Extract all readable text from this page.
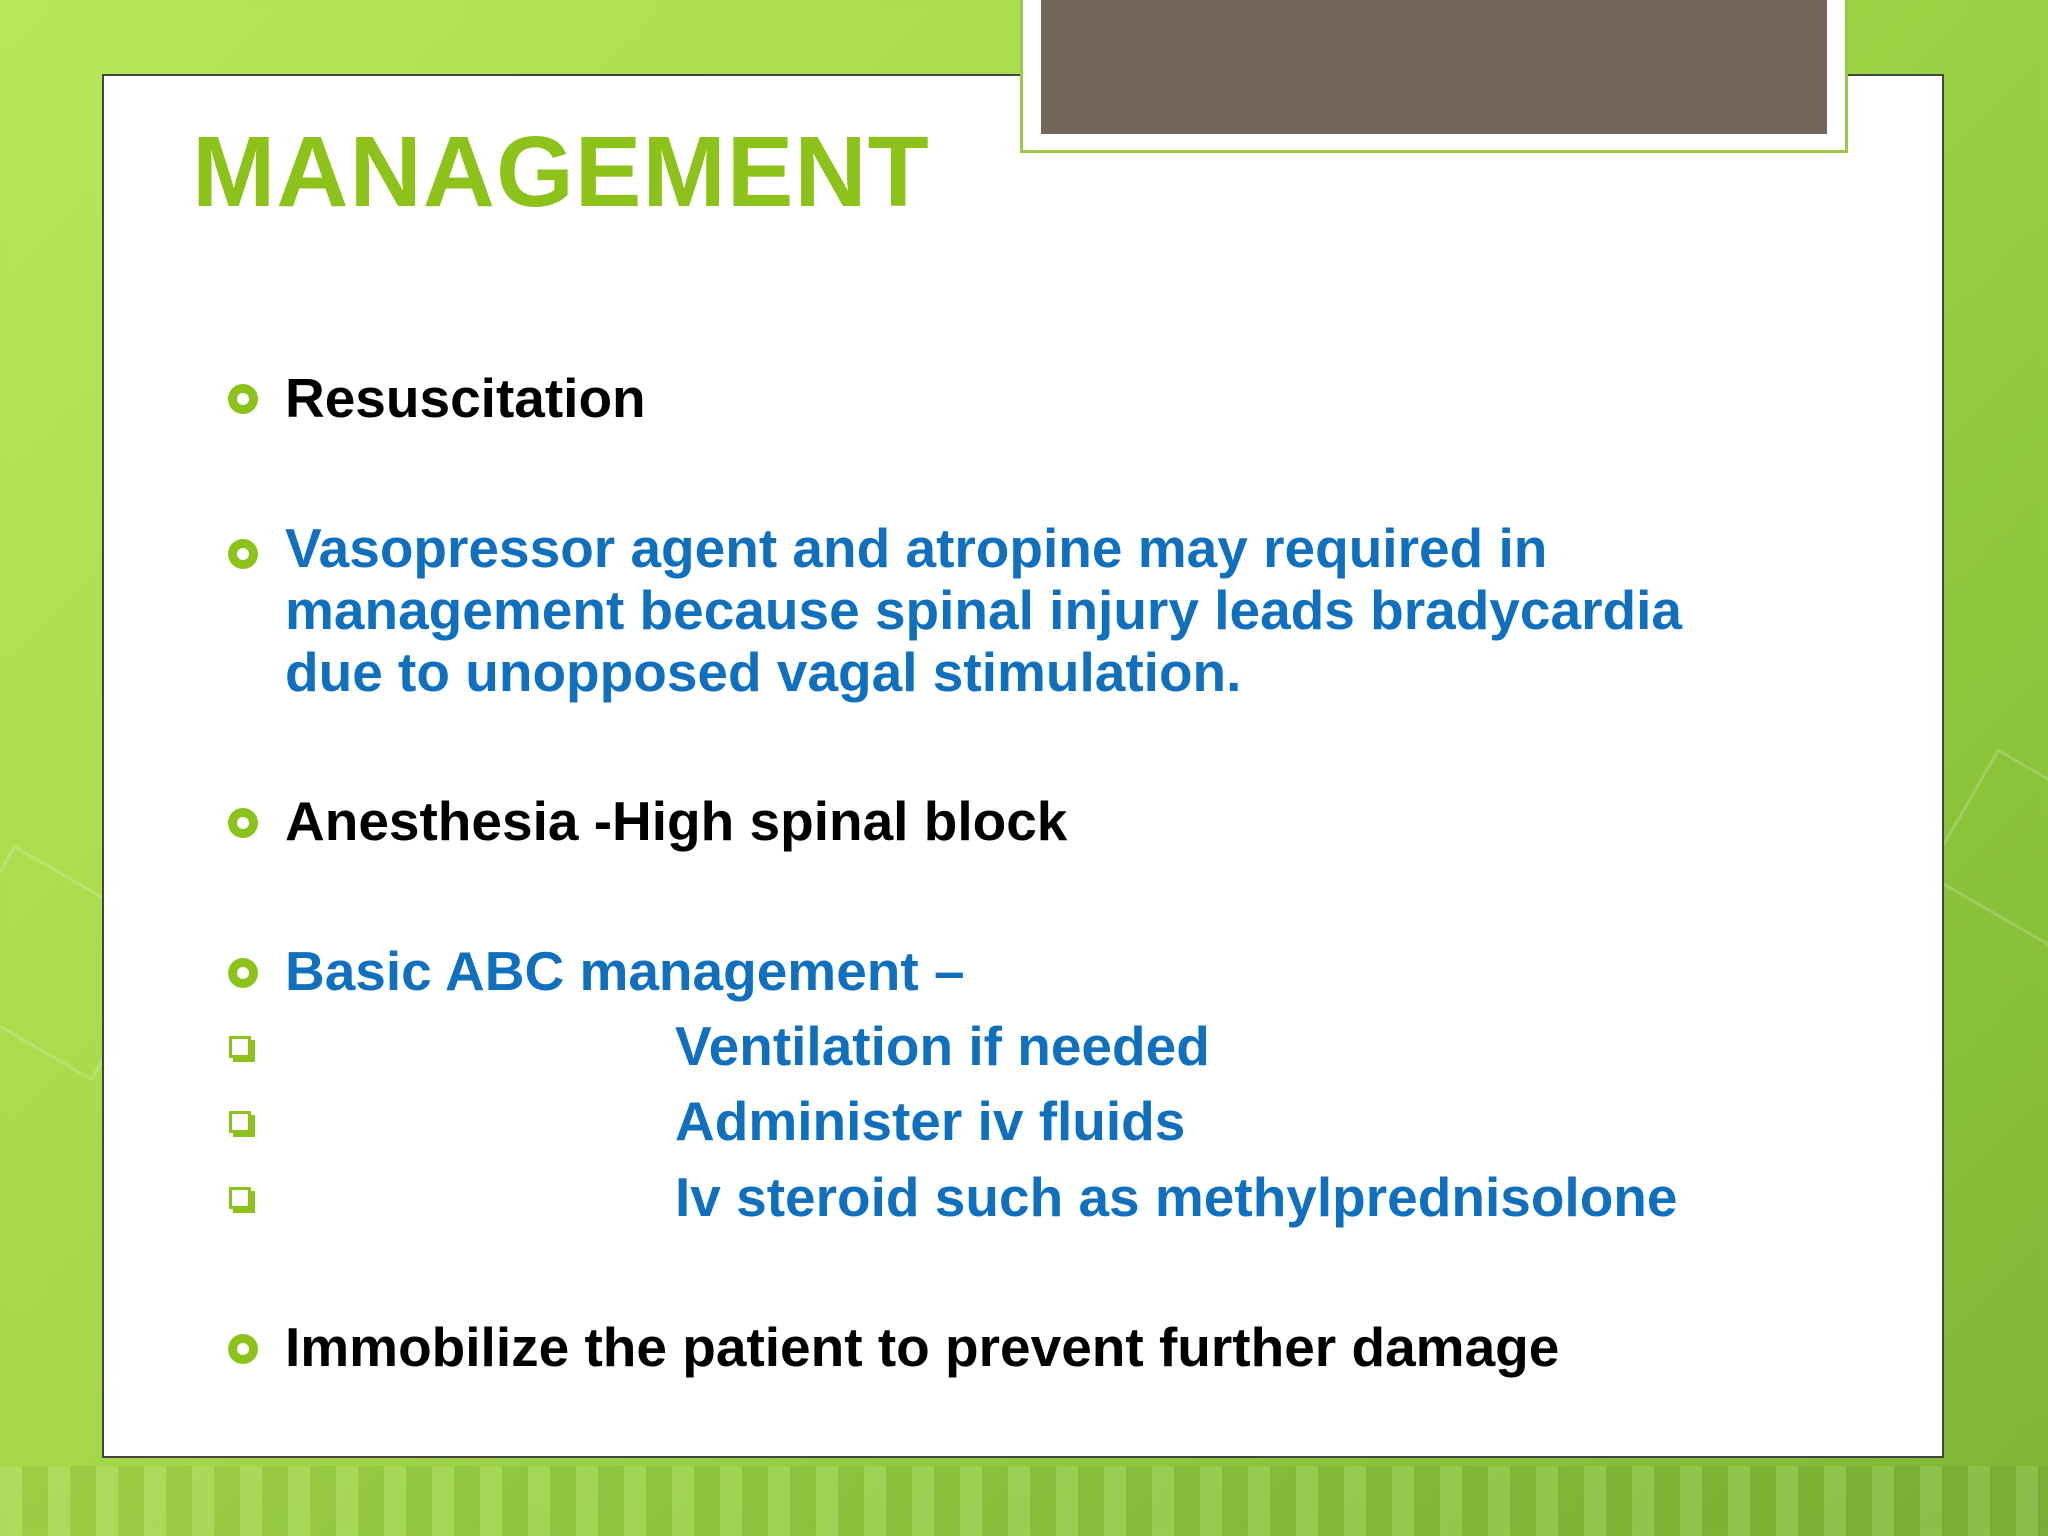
MANAGEMENT
Resuscitation
Vasopressor agent and atropine may required in
management because spinal injury leads bradycardia
due to unopposed vagal stimulation.
Anesthesia -High spinal block
Basic ABC management –
Ventilation if needed
Administer iv fluids
Iv steroid such as methylprednisolone
Immobilize the patient to prevent further damage
